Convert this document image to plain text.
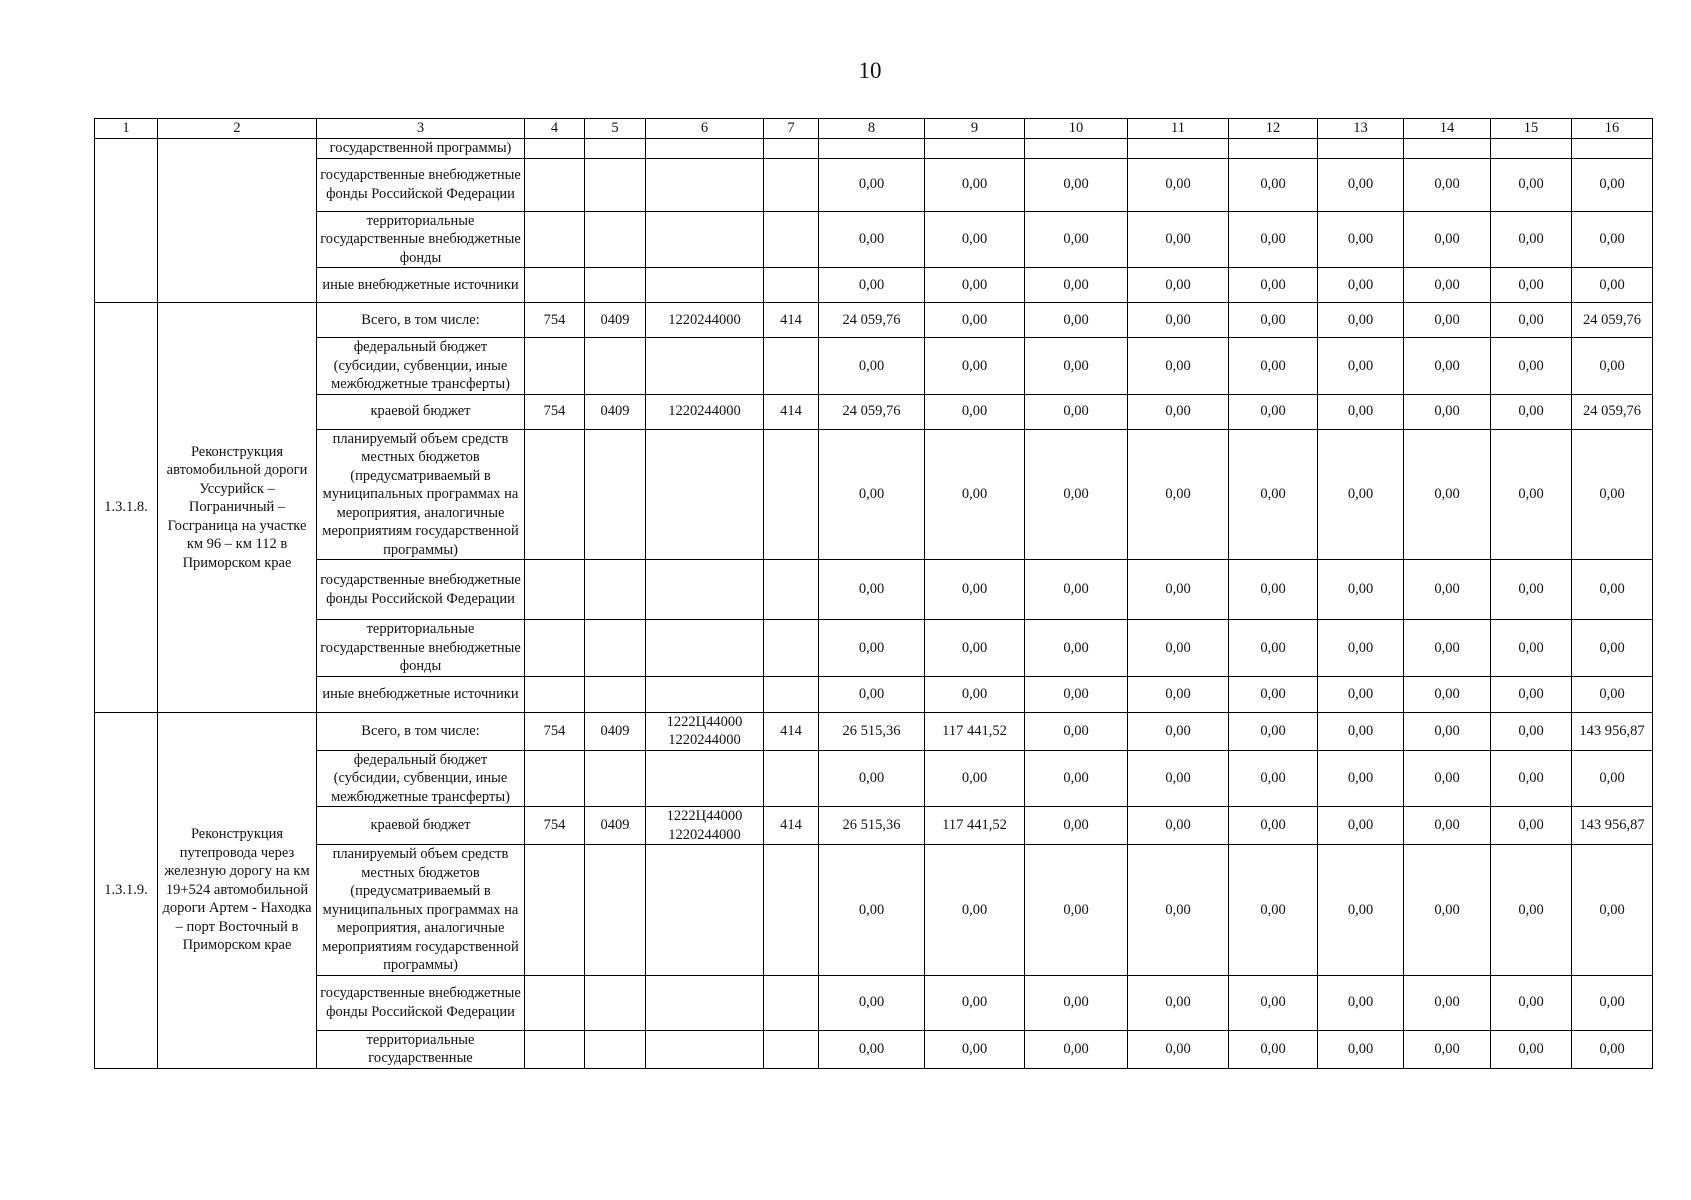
10
1	2	3	4	5	6	7	8	9	10	11	12	13	14	15	16
		государственной программы)													
		государственные внебюджетные фонды Российской Федерации					0,00	0,00	0,00	0,00	0,00	0,00	0,00	0,00	0,00
		территориальные государственные внебюджетные фонды					0,00	0,00	0,00	0,00	0,00	0,00	0,00	0,00	0,00
		иные внебюджетные источники					0,00	0,00	0,00	0,00	0,00	0,00	0,00	0,00	0,00
1.3.1.8.	Реконструкция автомобильной дороги Уссурийск – Пограничный – Госграница на участке км 96 – км 112 в Приморском крае	Всего, в том числе:	754	0409	1220244000	414	24 059,76	0,00	0,00	0,00	0,00	0,00	0,00	0,00	24 059,76
		федеральный бюджет (субсидии, субвенции, иные межбюджетные трансферты)					0,00	0,00	0,00	0,00	0,00	0,00	0,00	0,00	0,00
		краевой бюджет	754	0409	1220244000	414	24 059,76	0,00	0,00	0,00	0,00	0,00	0,00	0,00	24 059,76
		планируемый объем средств местных бюджетов (предусматриваемый в муниципальных программах на мероприятия, аналогичные мероприятиям государственной программы)					0,00	0,00	0,00	0,00	0,00	0,00	0,00	0,00	0,00
		государственные внебюджетные фонды Российской Федерации					0,00	0,00	0,00	0,00	0,00	0,00	0,00	0,00	0,00
		территориальные государственные внебюджетные фонды					0,00	0,00	0,00	0,00	0,00	0,00	0,00	0,00	0,00
		иные внебюджетные источники					0,00	0,00	0,00	0,00	0,00	0,00	0,00	0,00	0,00
1.3.1.9.	Реконструкция путепровода через железную дорогу на км 19+524 автомобильной дороги Артем - Находка – порт Восточный в Приморском крае	Всего, в том числе:	754	0409	1222Ц44000 1220244000	414	26 515,36	117 441,52	0,00	0,00	0,00	0,00	0,00	0,00	143 956,87
		федеральный бюджет (субсидии, субвенции, иные межбюджетные трансферты)					0,00	0,00	0,00	0,00	0,00	0,00	0,00	0,00	0,00
		краевой бюджет	754	0409	1222Ц44000 1220244000	414	26 515,36	117 441,52	0,00	0,00	0,00	0,00	0,00	0,00	143 956,87
		планируемый объем средств местных бюджетов (предусматриваемый в муниципальных программах на мероприятия, аналогичные мероприятиям государственной программы)					0,00	0,00	0,00	0,00	0,00	0,00	0,00	0,00	0,00
		государственные внебюджетные фонды Российской Федерации					0,00	0,00	0,00	0,00	0,00	0,00	0,00	0,00	0,00
		территориальные государственные					0,00	0,00	0,00	0,00	0,00	0,00	0,00	0,00	0,00
